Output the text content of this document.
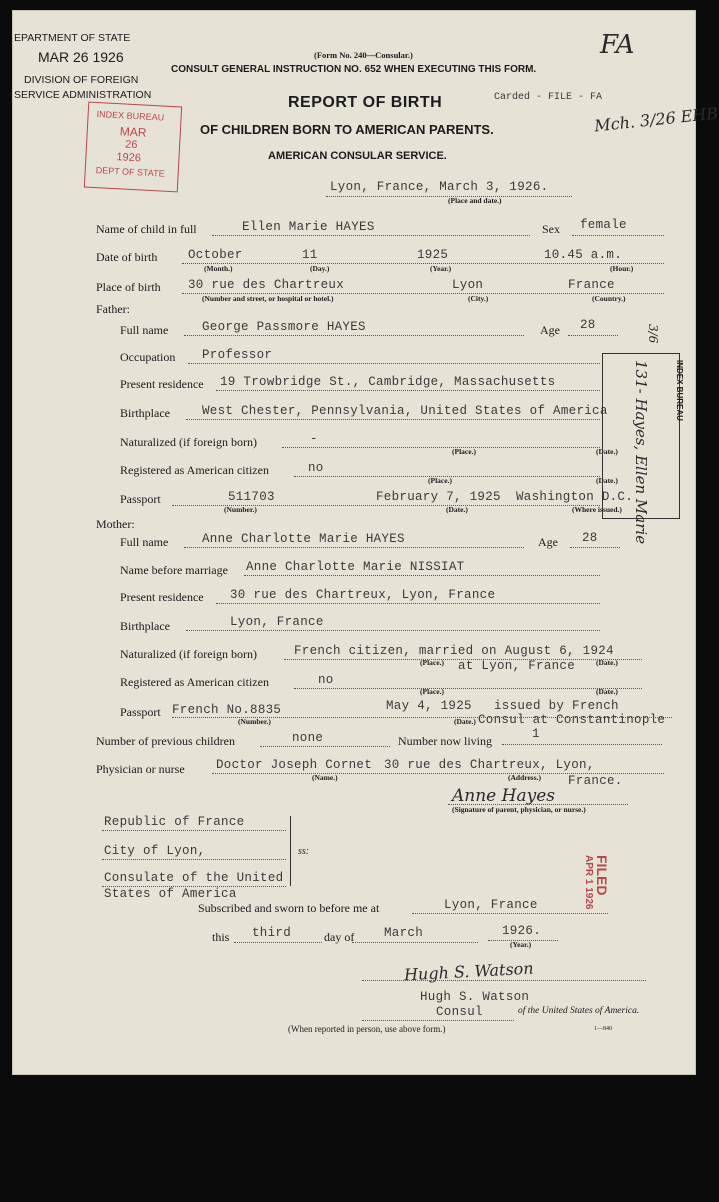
EPARTMENT OF STATE
MAR 26 1926
DIVISION OF FOREIGN
SERVICE ADMINISTRATION
INDEX BUREAU
MAR
26
1926
DEPT OF STATE
(Form No. 240—Consular.)
CONSULT GENERAL INSTRUCTION NO. 652 WHEN EXECUTING THIS FORM.
REPORT OF BIRTH
OF CHILDREN BORN TO AMERICAN PARENTS.
AMERICAN CONSULAR SERVICE.
Carded - FILE - FA
FA
Mch. 3/26 EHB
Lyon, France, March 3, 1926.
(Place and date.)
Name of child in full	Ellen Marie HAYES	Sex female
Date of birth October	11	1925	10.45 a.m.
(Month.)	(Day.)	(Year.)	(Hour.)
Place of birth 30 rue des Chartreux	Lyon	France
(Number and street, or hospital or hotel.)	(City.)	(Country.)
Father:
Full name	George Passmore HAYES	Age 28
Occupation Professor
Present residence 19 Trowbridge St., Cambridge, Massachusetts
Birthplace	West Chester, Pennsylvania, United States of America
Naturalized (if foreign born)	-
(Place.)	(Date.)
Registered as American citizen	no
(Place.)	(Date.)
Passport	511703	February 7, 1925 Washington D.C.
(Number.)	(Date.)	(Where issued.)
Mother:
Full name	Anne Charlotte Marie HAYES	Age 28
Name before marriage Anne Charlotte Marie NISSIAT
Present residence 30 rue des Chartreux, Lyon, France
Birthplace	Lyon, France
Naturalized (if foreign born)	French citizen, married on August 6, 1924
(Place.)	(Date.)
at Lyon, France
Registered as American citizen	no
(Place.)	(Date.)
Passport French No.8835	May 4, 1925 issued by French
(Number.)	(Date.) Consul at Constantinople
Number of previous children	none	Number now living	1
Physician or nurse	Doctor Joseph Cornet 30 rue des Chartreux, Lyon,
(Name.)	(Address.) France.
Anne Hayes
(Signature of parent, physician, or nurse.)
Republic of France
City of Lyon,
Consulate of the United
States of America
ss:
Subscribed and sworn to before me at	Lyon, France
this third	day of March	1926.
(Year.)
Hugh S. Watson
Hugh S. Watson
Consul	of the United States of America.
(When reported in person, use above form.)	1—840
FILED
APR 1 1926
INDEX BUREAU
131- Hayes, Ellen Marie
3/6
